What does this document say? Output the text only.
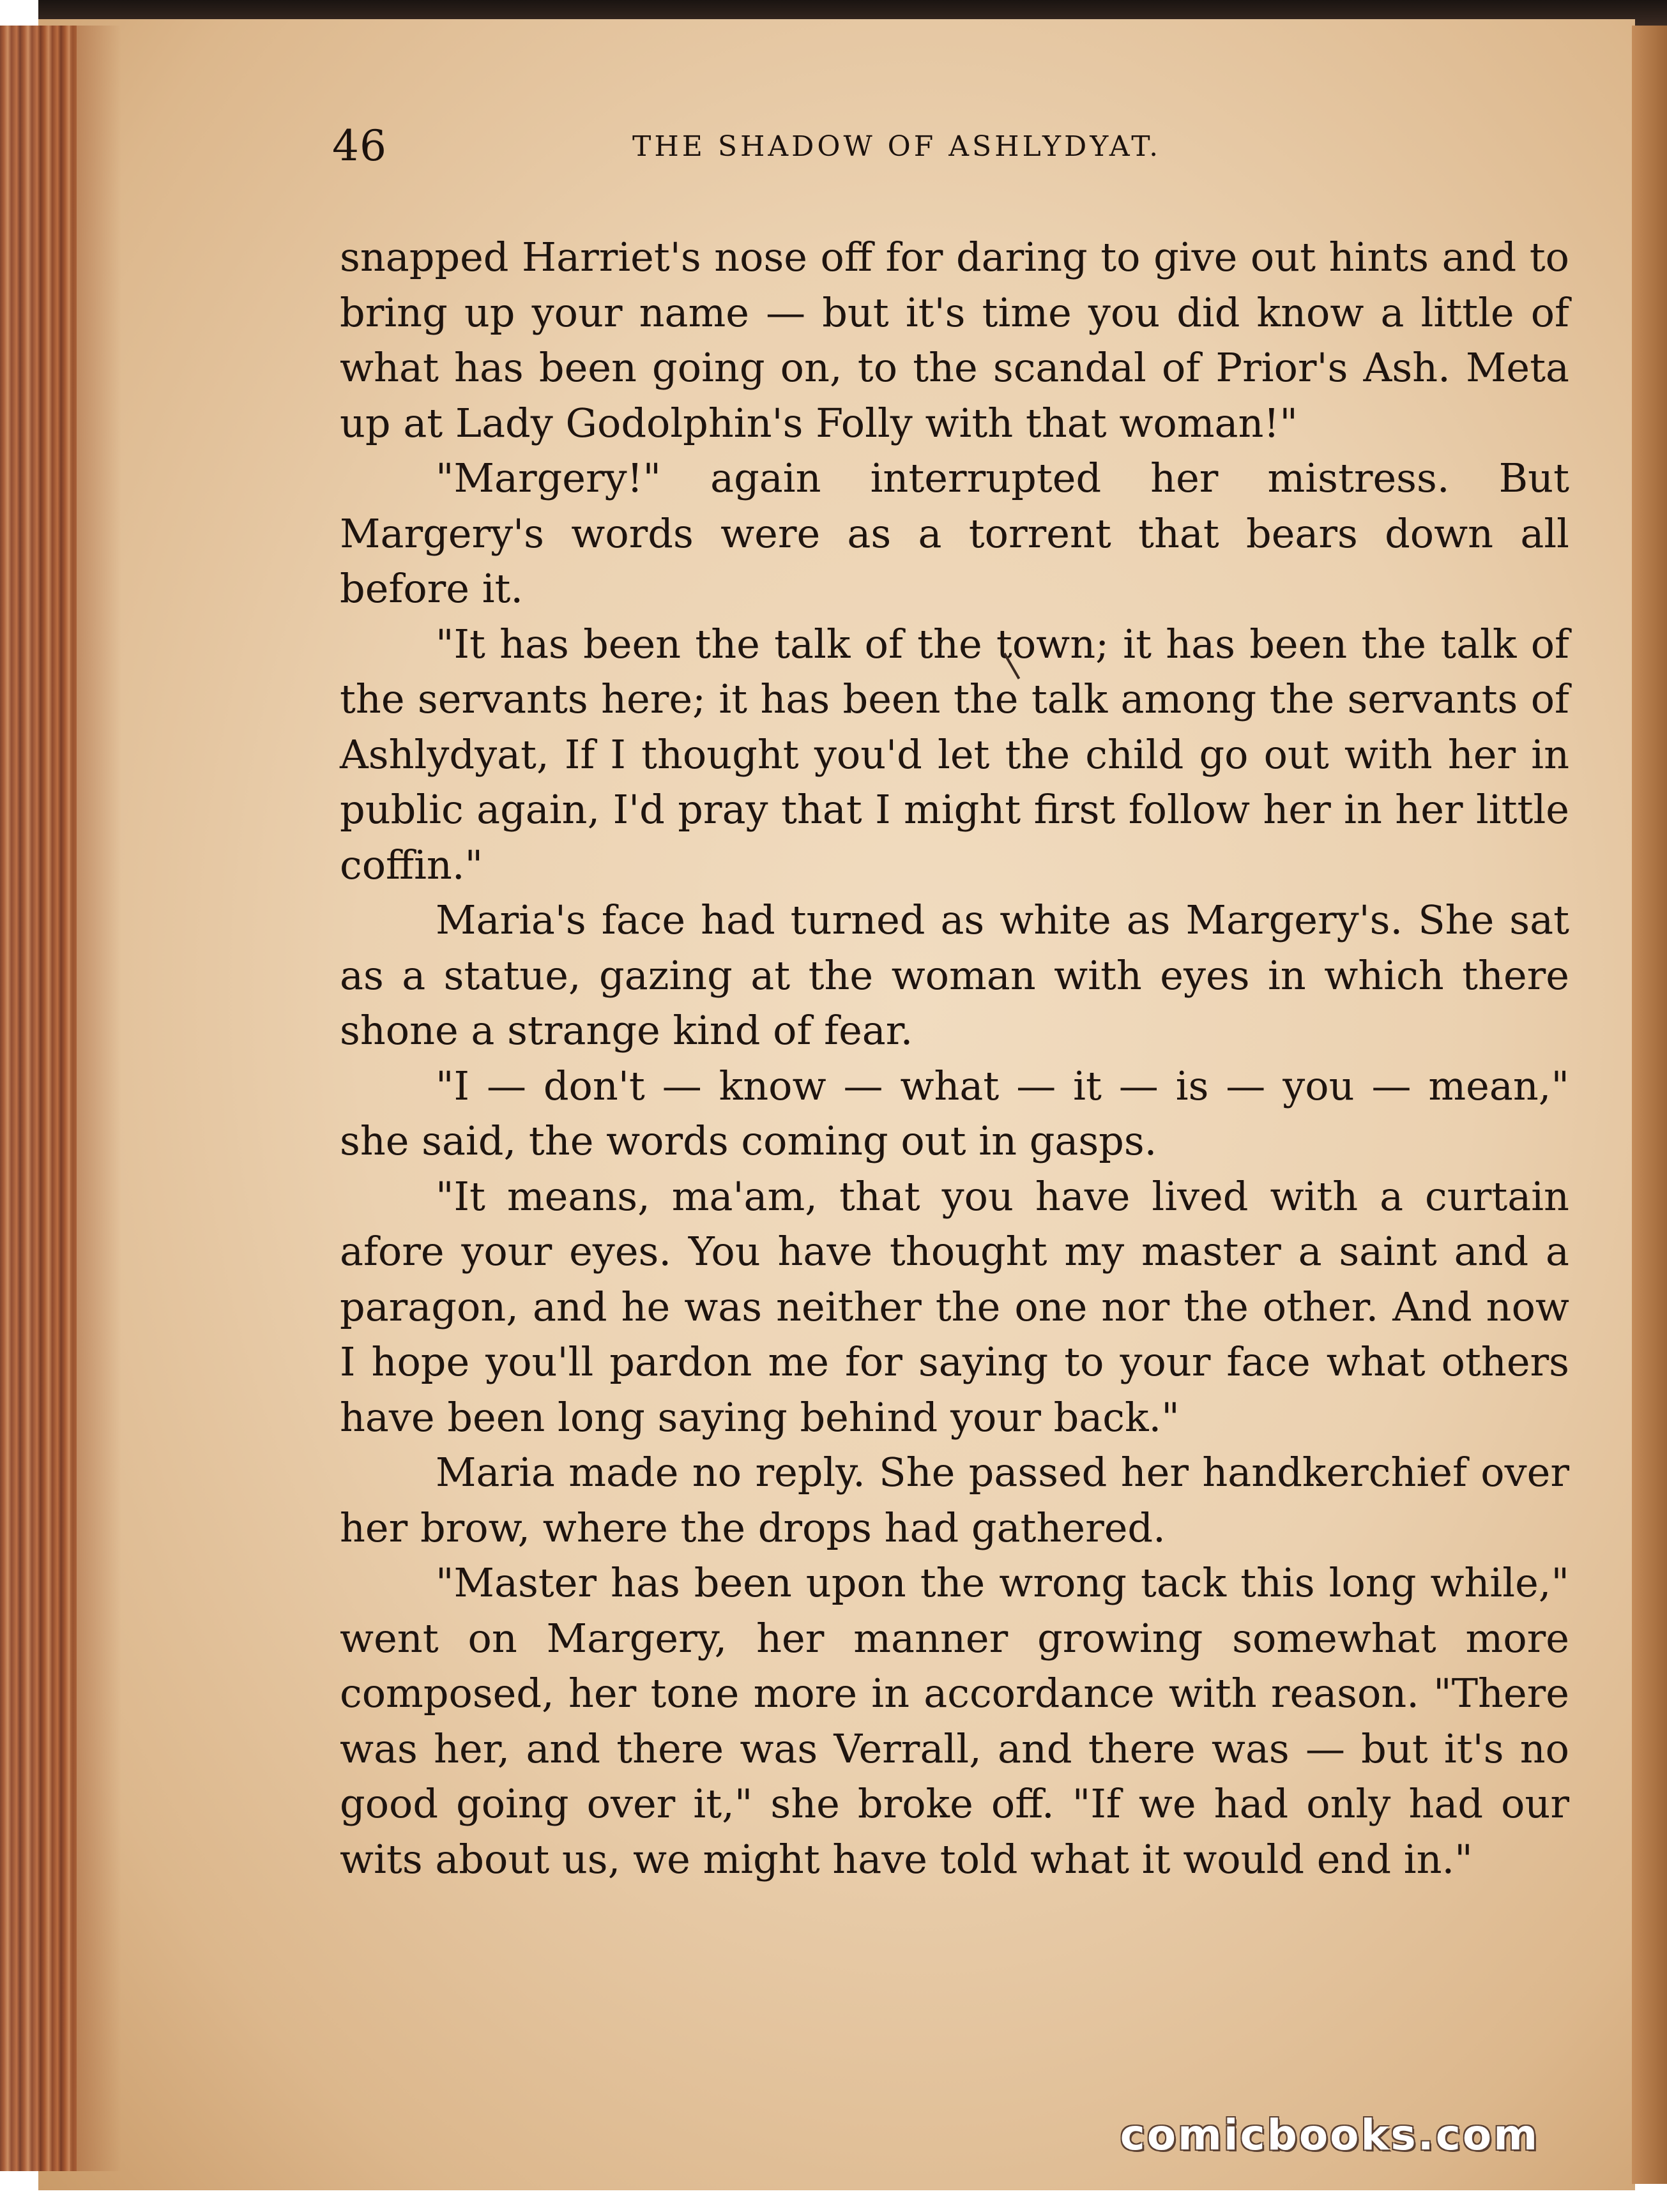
46	THE SHADOW OF ASHLYDYAT.

snapped Harriet's nose off for daring to give out hints and to bring up your name — but it's time you did know a little of what has been going on, to the scandal of Prior's Ash. Meta up at Lady Godolphin's Folly with that woman!"

"Margery!" again interrupted her mistress. But Margery's words were as a torrent that bears down all before it.

"It has been the talk of the town; it has been the talk of the servants here; it has been the talk among the servants of Ashlydyat, If I thought you'd let the child go out with her in public again, I'd pray that I might first follow her in her little coffin."

Maria's face had turned as white as Margery's. She sat as a statue, gazing at the woman with eyes in which there shone a strange kind of fear.

"I — don't — know — what — it — is — you — mean," she said, the words coming out in gasps.

"It means, ma'am, that you have lived with a curtain afore your eyes. You have thought my master a saint and a paragon, and he was neither the one nor the other. And now I hope you'll pardon me for saying to your face what others have been long saying behind your back."

Maria made no reply. She passed her handkerchief over her brow, where the drops had gathered.

"Master has been upon the wrong tack this long while," went on Margery, her manner growing somewhat more composed, her tone more in accordance with reason. "There was her, and there was Verrall, and there was — but it's no good going over it," she broke off. "If we had only had our wits about us, we might have told what it would end in."

comicbooks.com
